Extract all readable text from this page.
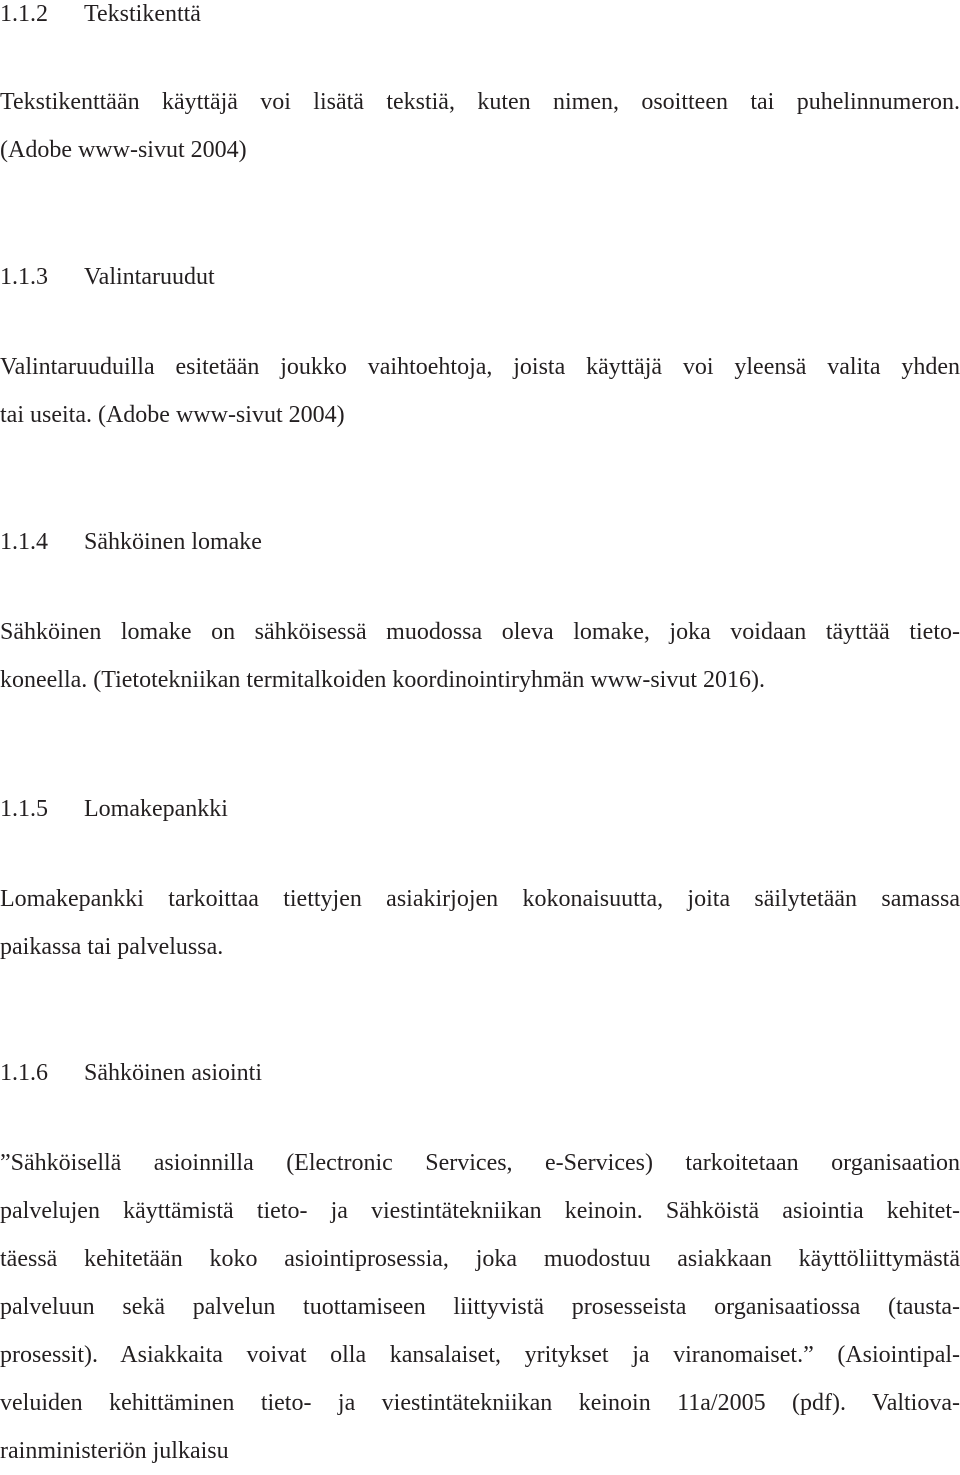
1.1.2 Tekstikenttä
Tekstikenttään käyttäjä voi lisätä tekstiä, kuten nimen, osoitteen tai puhelinnumeron.
(Adobe www-sivut 2004)
1.1.3 Valintaruudut
Valintaruuduilla esitetään joukko vaihtoehtoja, joista käyttäjä voi yleensä valita yhden
tai useita. (Adobe www-sivut 2004)
1.1.4 Sähköinen lomake
Sähköinen lomake on sähköisessä muodossa oleva lomake, joka voidaan täyttää tieto-
koneella. (Tietotekniikan termitalkoiden koordinointiryhmän www-sivut 2016).
1.1.5 Lomakepankki
Lomakepankki tarkoittaa tiettyjen asiakirjojen kokonaisuutta, joita säilytetään samassa
paikassa tai palvelussa.
1.1.6 Sähköinen asiointi
”Sähköisellä asioinnilla (Electronic Services, e-Services) tarkoitetaan organisaation
palvelujen käyttämistä tieto- ja viestintätekniikan keinoin. Sähköistä asiointia kehitet-
täessä kehitetään koko asiointiprosessia, joka muodostuu asiakkaan käyttöliittymästä
palveluun sekä palvelun tuottamiseen liittyvistä prosesseista organisaatiossa (tausta-
prosessit). Asiakkaita voivat olla kansalaiset, yritykset ja viranomaiset.” (Asiointipal-
veluiden kehittäminen tieto- ja viestintätekniikan keinoin 11a/2005 (pdf). Valtiova-
rainministeriön julkaisu
